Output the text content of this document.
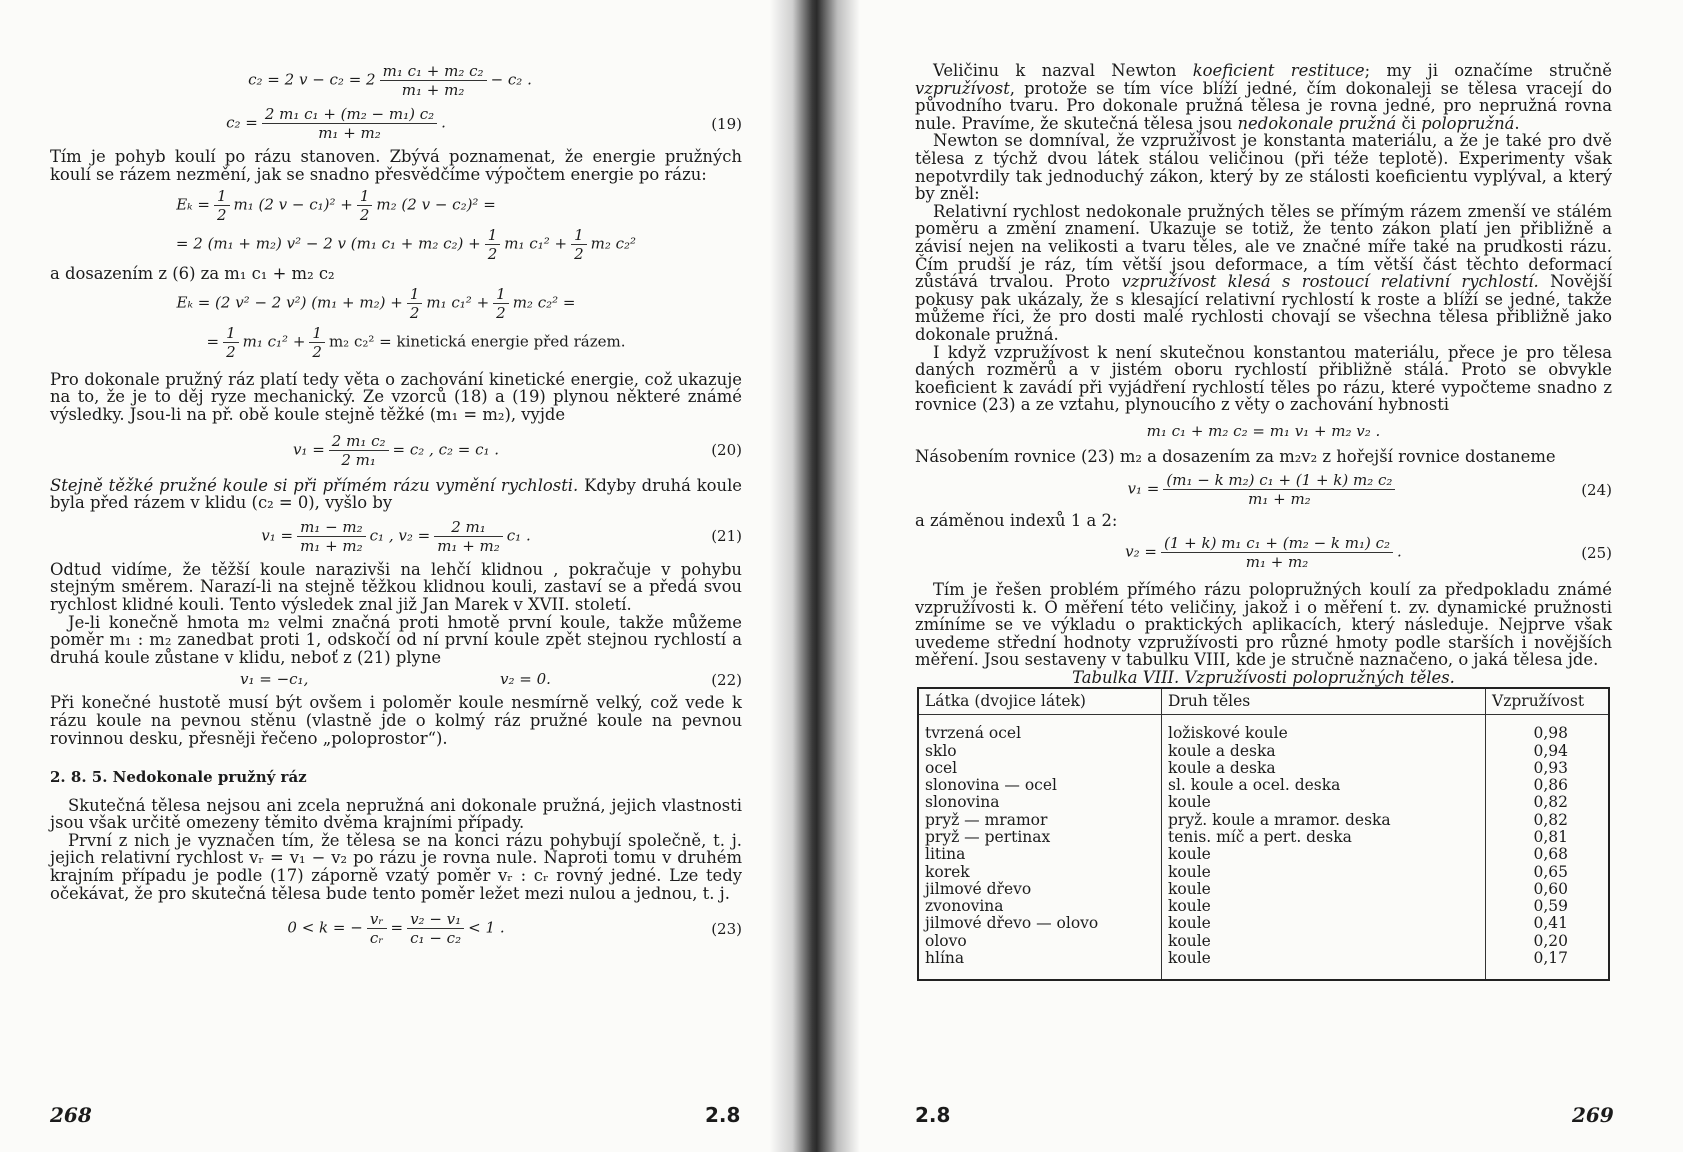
c₂ = 2 $v - c_2 = 2 \frac{\text{m₁ c₁ + m₂ c₂}}{\text{m₁ + m₂}} - c_2$ .
$c_2 = \frac{\text{2 m₁ c₁ + (m₂ − m₁) c₂}}{\text{m₁ + m₂}}$ .	(19)

Tím je pohyb koulí po rázu stanoven. Zbývá poznamenat, že energie pružných koulí se rázem nezmění, jak se snadno přesvědčíme výpočtem energie po rázu:

$E_k = \frac{1}{2} m_1$ (2 $v - c_1)^2 + \frac{1}{2} m_2$ (2 v − c₂)² =
= 2 (m₁ + m₂) v² − 2 v (m₁ c₁ + m₂ $c_2) + \frac{1}{2} m_1$ $c_1^2 + \frac{1}{2} m_2$ c₂²

a dosazením z (6) za m₁ c₁ + m₂ c₂

Eₖ = (2 v² − 2 v²) $(m_1 + m_2) + \frac{1}{2} m_1$ $c_1^2 + \frac{1}{2} m_2$ c₂² =
= $\frac{1}{2} m_1$ $c_1^2 + \frac{1}{2} m_2$ c₂² = kinetická energie před rázem.

Pro dokonale pružný ráz platí tedy věta o zachování kinetické energie, což ukazuje na to, že je to děj ryze mechanický. Ze vzorců (18) a (19) plynou některé známé výsledky. Jsou-li na př. obě koule stejně těžké (m₁ = m₂), vyjde

$v_1 = \frac{\text{2 m₁ c₂}}{\text{2 m₁}} = c_2$ , c₂ = c₁ .	(20)

Stejně těžké pružné koule si při přímém rázu vymění rychlosti. Kdyby druhá koule byla před rázem v klidu (c₂ = 0), vyšlo by

$v_1 = \frac{\text{m₁ − m₂}}{\text{m₁ + m₂}} c_1$ , $v_2 = \frac{\text{2 m₁}}{\text{m₁ + m₂}} c_1$ .	(21)

Odtud vidíme, že těžší koule narazivši na lehčí klidnou , pokračuje v pohybu stejným směrem. Narazí-li na stejně těžkou klidnou kouli, zastaví se a předá svou rychlost klidné kouli. Tento výsledek znal již Jan Marek v XVII. století.

Je-li konečně hmota m₂ velmi značná proti hmotě první koule, takže můžeme poměr m₁ : m₂ zanedbat proti 1, odskočí od ní první koule zpět stejnou rychlostí a druhá koule zůstane v klidu, neboť z (21) plyne

v₁ = −c₁,	v₂ = 0.	(22)

Při konečné hustotě musí být ovšem i poloměr koule nesmírně velký, což vede k rázu koule na pevnou stěnu (vlastně jde o kolmý ráz pružné koule na pevnou rovinnou desku, přesněji řečeno „poloprostor“).

2. 8. 5. Nedokonale pružný ráz

Skutečná tělesa nejsou ani zcela nepružná ani dokonale pružná, jejich vlastnosti jsou však určitě omezeny těmito dvěma krajními případy.

První z nich je vyznačen tím, že tělesa se na konci rázu pohybují společně, t. j. jejich relativní rychlost vᵣ = v₁ − v₂ po rázu je rovna nule. Naproti tomu v druhém krajním případu je podle (17) záporně vzatý poměr vᵣ : cᵣ rovný jedné. Lze tedy očekávat, že pro skutečná tělesa bude tento poměr ležet mezi nulou a jednou, t. j.

0 < k = − $\frac{\text{vᵣ}}{\text{cᵣ}} = \frac{\text{v₂ − v₁}}{\text{c₁ − c₂}} < 1$ .	(23)
268	2.8

Veličinu k nazval Newton koeficient restituce; my ji označíme stručně vzpružívost, protože se tím více blíží jedné, čím dokonaleji se tělesa vracejí do původního tvaru. Pro dokonale pružná tělesa je rovna jedné, pro nepružná rovna nule. Pravíme, že skutečná tělesa jsou nedokonale pružná či polopružná.

Newton se domníval, že vzpružívost je konstanta materiálu, a že je také pro dvě tělesa z týchž dvou látek stálou veličinou (při téže teplotě). Experimenty však nepotvrdily tak jednoduchý zákon, který by ze stálosti koeficientu vyplýval, a který by zněl:

Relativní rychlost nedokonale pružných těles se přímým rázem zmenší ve stálém poměru a změní znamení. Ukazuje se totiž, že tento zákon platí jen přibližně a závisí nejen na velikosti a tvaru těles, ale ve značné míře také na prudkosti rázu. Čím prudší je ráz, tím větší jsou deformace, a tím větší část těchto deformací zůstává trvalou. Proto vzpružívost klesá s rostoucí relativní rychlostí. Novější pokusy pak ukázaly, že s klesající relativní rychlostí k roste a blíží se jedné, takže můžeme říci, že pro dosti malé rychlosti chovají se všechna tělesa přibližně jako dokonale pružná.

I když vzpružívost k není skutečnou konstantou materiálu, přece je pro tělesa daných rozměrů a v jistém oboru rychlostí přibližně stálá. Proto se obvykle koeficient k zavádí při vyjádření rychlostí těles po rázu, které vypočteme snadno z rovnice (23) a ze vztahu, plynoucího z věty o zachování hybnosti

m₁ c₁ + m₂ c₂ = m₁ v₁ + m₂ v₂ .

Násobením rovnice (23) m₂ a dosazením za m₂v₂ z hořejší rovnice dostaneme

$v_1 = \frac{\text{(m₁ − k m₂) c₁ + (1 + k) m₂ c₂}}{\text{m₁ + m₂}}$	(24)

a záměnou indexů 1 a 2:

$v_2 = \frac{\text{(1 + k) m₁ c₁ + (m₂ − k m₁) c₂}}{\text{m₁ + m₂}}$ .	(25)

Tím je řešen problém přímého rázu polopružných koulí za předpokladu známé vzpružívosti k. O měření této veličiny, jakož i o měření t. zv. dynamické pružnosti zmíníme se ve výkladu o praktických aplikacích, který následuje. Nejprve však uvedeme střední hodnoty vzpružívosti pro různé hmoty podle starších i novějších měření. Jsou sestaveny v tabulku VIII, kde je stručně naznačeno, o jaká tělesa jde.

Tabulka VIII. Vzpružívosti polopružných těles.

Látka (dvojice látek)	Druh těles	Vzpružívost

tvrzená ocel	ložiskové koule	0,98
sklo	koule a deska	0,94
ocel	koule a deska	0,93
slonovina — ocel	sl. koule a ocel. deska	0,86
slonovina	koule	0,82
pryž — mramor	pryž. koule a mramor. deska	0,82
pryž — pertinax	tenis. míč a pert. deska	0,81
litina	koule	0,68
korek	koule	0,65
jilmové dřevo	koule	0,60
zvonovina	koule	0,59
jilmové dřevo — olovo	koule	0,41
olovo	koule	0,20
hlína	koule	0,17

2.8	269
